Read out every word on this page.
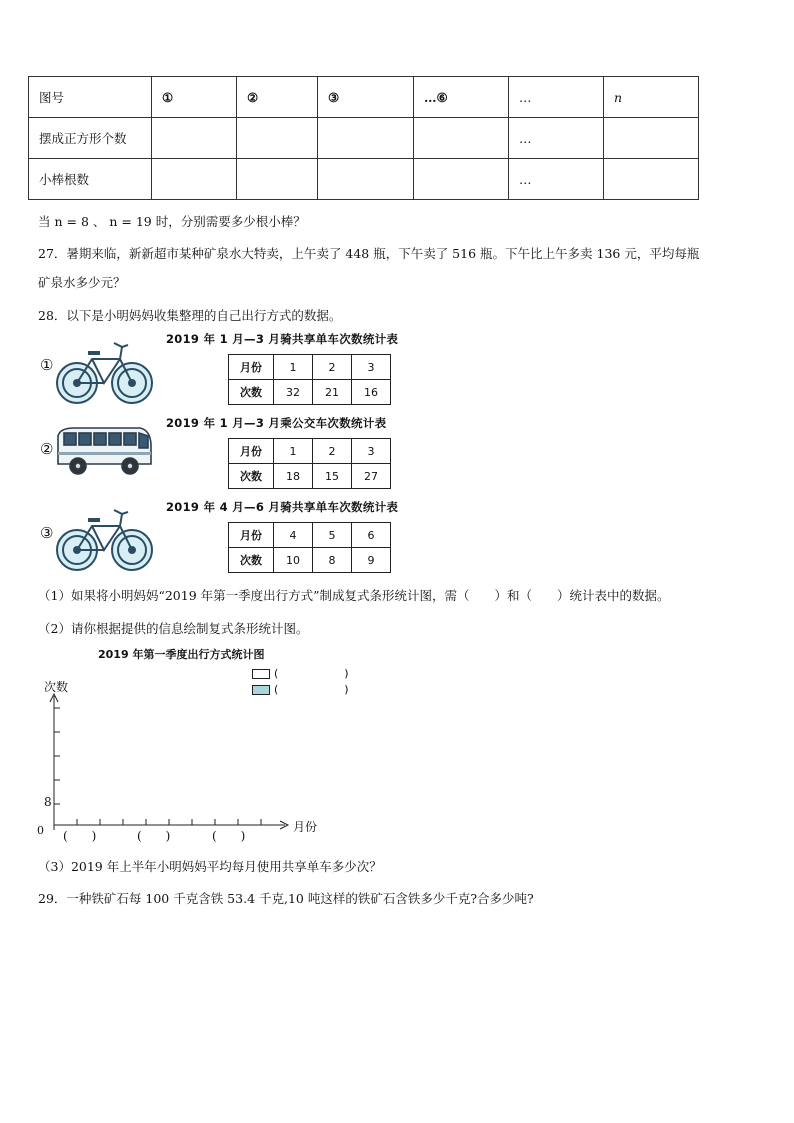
图号	①	②	③	…⑥	…	n
摆成正方形个数					…	
小棒根数					…	
当 n = 8 、 n = 19 时，分别需要多少根小棒？
27．暑期来临，新新超市某种矿泉水大特卖，上午卖了 448 瓶，下午卖了 516 瓶。下午比上午多卖 136 元，平均每瓶
矿泉水多少元？
28．以下是小明妈妈收集整理的自己出行方式的数据。
①
2019 年 1 月—3 月骑共享单车次数统计表
月份	1	2	3
次数	32	21	16
②
2019 年 1 月—3 月乘公交车次数统计表
月份	1	2	3
次数	18	15	27
③
2019 年 4 月—6 月骑共享单车次数统计表
月份	4	5	6
次数	10	8	9
（1）如果将小明妈妈“2019 年第一季度出行方式”制成复式条形统计图，需（　　）和（　　）统计表中的数据。
（2）请你根据提供的信息绘制复式条形统计图。
2019 年第一季度出行方式统计图
(　　　　　　)
(　　　　　　)
次数
8
0 (　　)	(　　)	(　　)
月份
（3）2019 年上半年小明妈妈平均每月使用共享单车多少次？
29．一种铁矿石每 100 千克含铁 53.4 千克,10 吨这样的铁矿石含铁多少千克?合多少吨?
